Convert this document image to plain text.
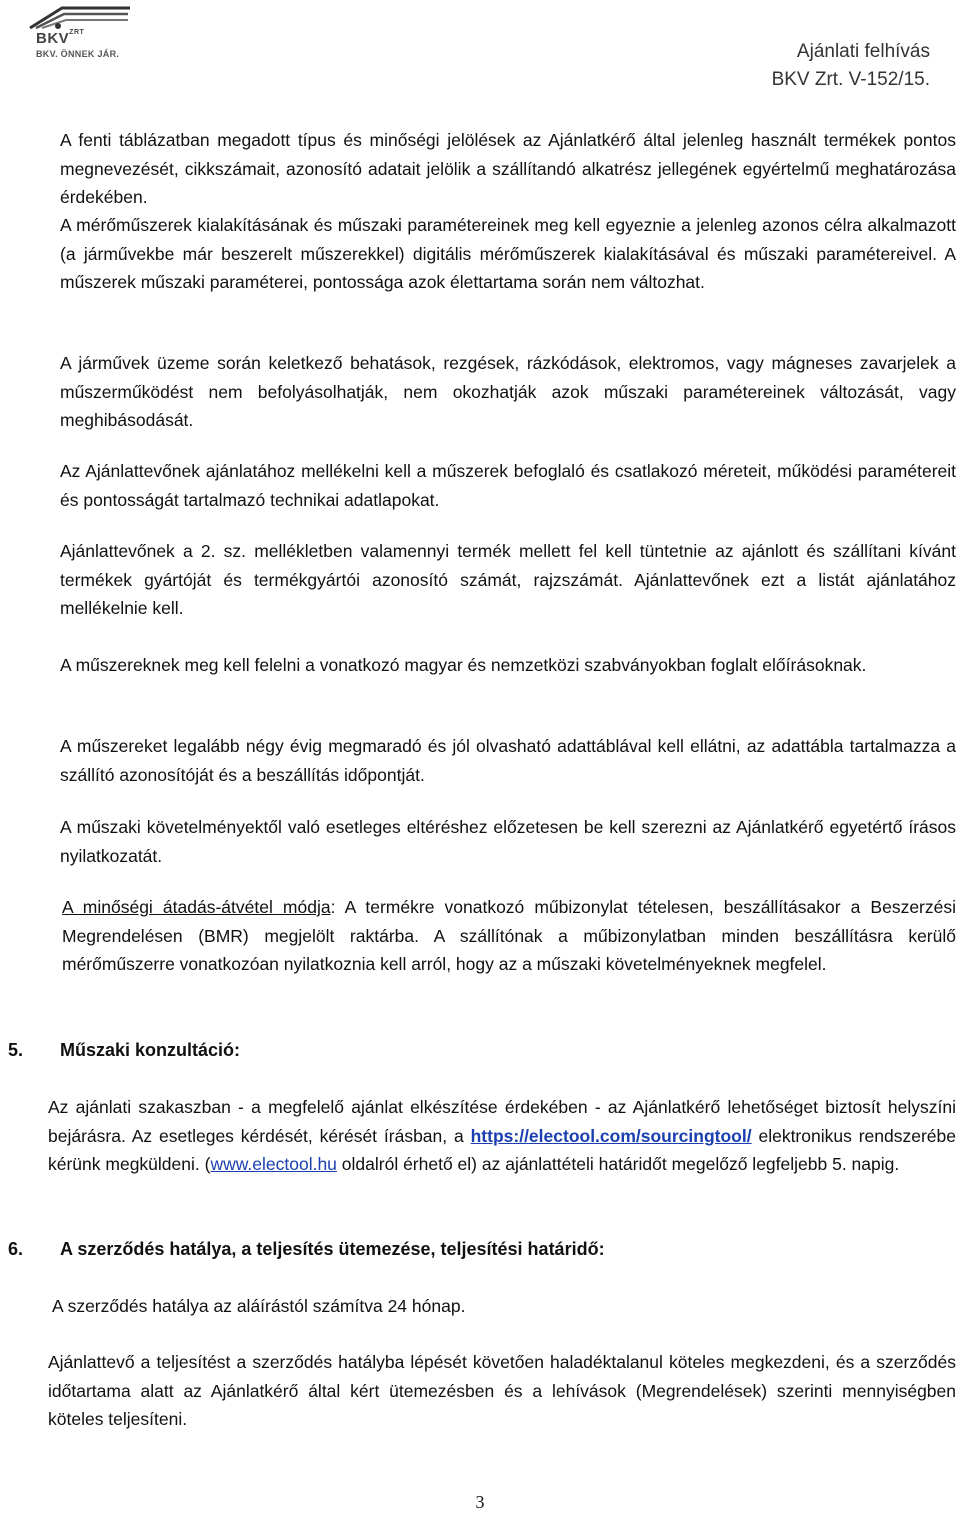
$BKV^{ZRT}$
BKV. ÖNNEK JÁR.	Ajánlati felhívás
BKV Zrt. V-152/15.

A fenti táblázatban megadott típus és minőségi jelölések az Ajánlatkérő által jelenleg használt termékek pontos megnevezését, cikkszámait, azonosító adatait jelölik a szállítandó alkatrész jellegének egyértelmű meghatározása érdekében.

A mérőműszerek kialakításának és műszaki paramétereinek meg kell egyeznie a jelenleg azonos célra alkalmazott (a járművekbe már beszerelt műszerekkel) digitális mérőműszerek kialakításával és műszaki paramétereivel. A műszerek műszaki paraméterei, pontossága azok élettartama során nem változhat.

A járművek üzeme során keletkező behatások, rezgések, rázkódások, elektromos, vagy mágneses zavarjelek a műszerműködést nem befolyásolhatják, nem okozhatják azok műszaki paramétereinek változását, vagy meghibásodását.

Az Ajánlattevőnek ajánlatához mellékelni kell a műszerek befoglaló és csatlakozó méreteit, működési paramétereit és pontosságát tartalmazó technikai adatlapokat.

Ajánlattevőnek a 2. sz. mellékletben valamennyi termék mellett fel kell tüntetnie az ajánlott és szállítani kívánt termékek gyártóját és termékgyártói azonosító számát, rajzszámát. Ajánlattevőnek ezt a listát ajánlatához mellékelnie kell.

A műszereknek meg kell felelni a vonatkozó magyar és nemzetközi szabványokban foglalt előírásoknak.

A műszereket legalább négy évig megmaradó és jól olvasható adattáblával kell ellátni, az adattábla tartalmazza a szállító azonosítóját és a beszállítás időpontját.

A műszaki követelményektől való esetleges eltéréshez előzetesen be kell szerezni az Ajánlatkérő egyetértő írásos nyilatkozatát.

A minőségi átadás-átvétel módja: A termékre vonatkozó műbizonylat tételesen, beszállításakor a Beszerzési Megrendelésen (BMR) megjelölt raktárba. A szállítónak a műbizonylatban minden beszállításra kerülő mérőműszerre vonatkozóan nyilatkoznia kell arról, hogy az a műszaki követelményeknek megfelel.

5. Műszaki konzultáció:

Az ajánlati szakaszban - a megfelelő ajánlat elkészítése érdekében - az Ajánlatkérő lehetőséget biztosít helyszíni bejárásra. Az esetleges kérdését, kérését írásban, a https://electool.com/sourcingtool/ elektronikus rendszerébe kérünk megküldeni. (www.electool.hu oldalról érhető el) az ajánlattételi határidőt megelőző legfeljebb 5. napig.

6. A szerződés hatálya, a teljesítés ütemezése, teljesítési határidő:

A szerződés hatálya az aláírástól számítva 24 hónap.

Ajánlattevő a teljesítést a szerződés hatályba lépését követően haladéktalanul köteles megkezdeni, és a szerződés időtartama alatt az Ajánlatkérő által kért ütemezésben és a lehívások (Megrendelések) szerinti mennyiségben köteles teljesíteni.

3
